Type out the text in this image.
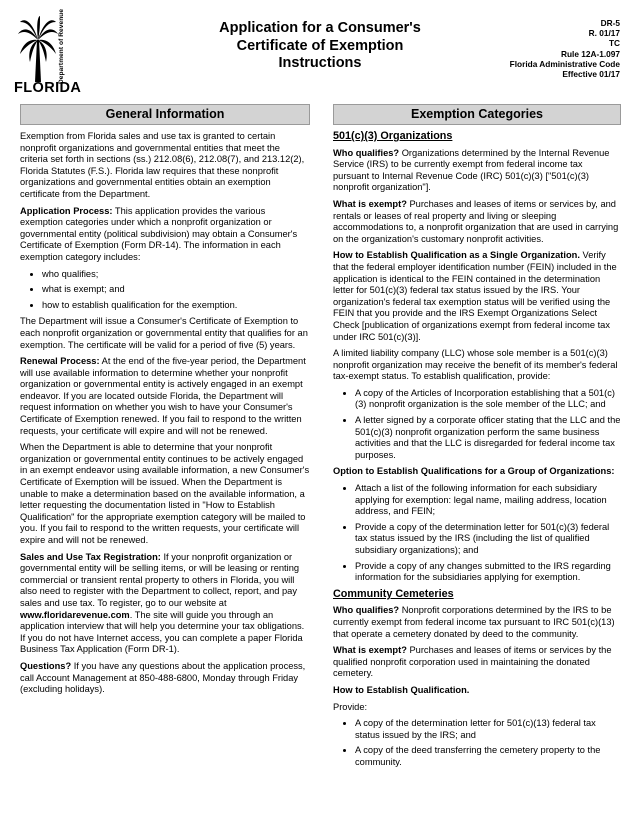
Department of Revenue
FLORIDA
Application for a Consumer's
Certificate of Exemption
Instructions
DR-5
R. 01/17
TC
Rule 12A-1.097
Florida Administrative Code
Effective 01/17
General Information

Exemption from Florida sales and use tax is granted to certain nonprofit organizations and governmental entities that meet the criteria set forth in sections (ss.) 212.08(6), 212.08(7), and 213.12(2), Florida Statutes (F.S.). Florida law requires that these nonprofit organizations and governmental entities obtain an exemption certificate from the Department.

Application Process: This application provides the various exemption categories under which a nonprofit organization or governmental entity (political subdivision) may obtain a Consumer's Certificate of Exemption (Form DR-14). The information in each exemption category includes:

• who qualifies;
• what is exempt; and
• how to establish qualification for the exemption.

The Department will issue a Consumer's Certificate of Exemption to each nonprofit organization or governmental entity that qualifies for an exemption. The certificate will be valid for a period of five (5) years.

Renewal Process: At the end of the five-year period, the Department will use available information to determine whether your nonprofit organization or governmental entity is actively engaged in an exempt endeavor. If you are located outside Florida, the Department will request information on whether you wish to have your Consumer's Certificate of Exemption renewed. If you fail to respond to the written requests, your certificate will expire and will not be renewed.

When the Department is able to determine that your nonprofit organization or governmental entity continues to be actively engaged in an exempt endeavor using available information, a new Consumer's Certificate of Exemption will be issued. When the Department is unable to make a determination based on the available information, a letter requesting the documentation listed in "How to Establish Qualification" for the appropriate exemption category will be mailed to you. If you fail to respond to the written requests, your certificate will expire and will not be renewed.

Sales and Use Tax Registration: If your nonprofit organization or governmental entity will be selling items, or will be leasing or renting commercial or transient rental property to others in Florida, you will also need to register with the Department to collect, report, and pay sales and use tax. To register, go to our website at www.floridarevenue.com. The site will guide you through an application interview that will help you determine your tax obligations. If you do not have Internet access, you can complete a paper Florida Business Tax Application (Form DR-1).

Questions? If you have any questions about the application process, call Account Management at 850-488-6800, Monday through Friday (excluding holidays).

Exemption Categories
501(c)(3) Organizations

Who qualifies? Organizations determined by the Internal Revenue Service (IRS) to be currently exempt from federal income tax pursuant to Internal Revenue Code (IRC) 501(c)(3) ["501(c)(3) nonprofit organization"].

What is exempt? Purchases and leases of items or services by, and rentals or leases of real property and living or sleeping accommodations to, a nonprofit organization that are used in carrying on the organization's customary nonprofit activities.

How to Establish Qualification as a Single Organization. Verify that the federal employer identification number (FEIN) included in the application is identical to the FEIN contained in the determination letter for 501(c)(3) federal tax status issued by the IRS. Your organization's federal tax exemption status will be verified using the FEIN that you provide and the IRS Exempt Organizations Select Check [publication of organizations exempt from federal income tax under IRC 501(c)(3)].

A limited liability company (LLC) whose sole member is a 501(c)(3) nonprofit organization may receive the benefit of its member's federal tax-exempt status. To establish qualification, provide:

• A copy of the Articles of Incorporation establishing that a 501(c)(3) nonprofit organization is the sole member of the LLC; and
• A letter signed by a corporate officer stating that the LLC and the 501(c)(3) nonprofit organization perform the same business activities and that the LLC is disregarded for federal income tax purposes.

Option to Establish Qualifications for a Group of Organizations:

• Attach a list of the following information for each subsidiary applying for exemption: legal name, mailing address, location address, and FEIN;
• Provide a copy of the determination letter for 501(c)(3) federal tax status issued by the IRS (including the list of qualified subsidiary organizations); and
• Provide a copy of any changes submitted to the IRS regarding information for the subsidiaries applying for exemption.
Community Cemeteries

Who qualifies? Nonprofit corporations determined by the IRS to be currently exempt from federal income tax pursuant to IRC 501(c)(13) that operate a cemetery donated by deed to the community.

What is exempt? Purchases and leases of items or services by the qualified nonprofit corporation used in maintaining the donated cemetery.

How to Establish Qualification.

Provide:

• A copy of the determination letter for 501(c)(13) federal tax status issued by the IRS; and
• A copy of the deed transferring the cemetery property to the community.
